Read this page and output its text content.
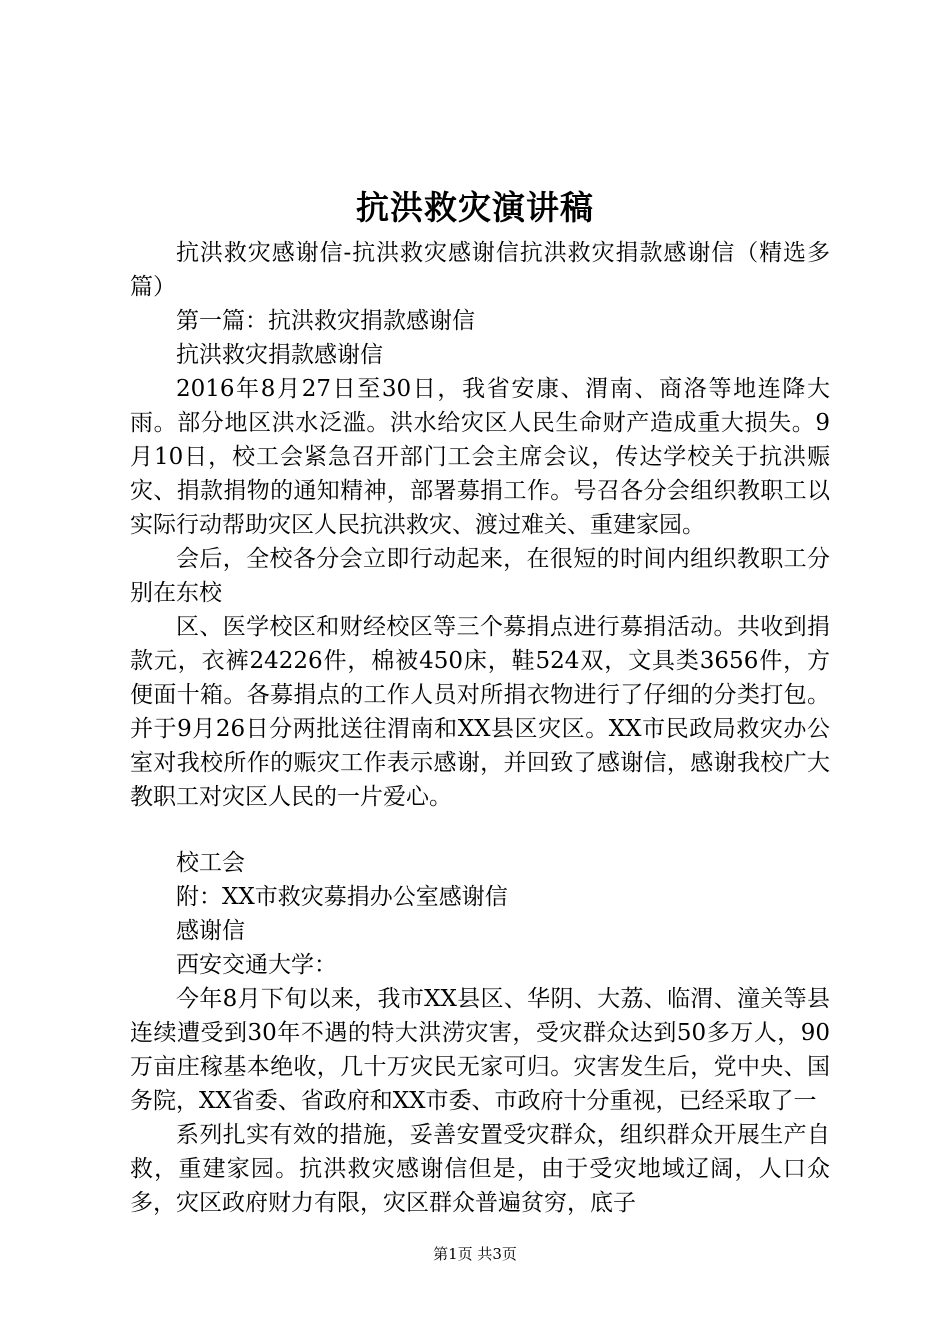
抗洪救灾演讲稿

抗洪救灾感谢信-抗洪救灾感谢信抗洪救灾捐款感谢信（精选多篇）

第一篇：抗洪救灾捐款感谢信

抗洪救灾捐款感谢信

2016年8月27日至30日，我省安康、渭南、商洛等地连降大雨。部分地区洪水泛滥。洪水给灾区人民生命财产造成重大损失。9月10日，校工会紧急召开部门工会主席会议，传达学校关于抗洪赈灾、捐款捐物的通知精神，部署募捐工作。号召各分会组织教职工以实际行动帮助灾区人民抗洪救灾、渡过难关、重建家园。

会后，全校各分会立即行动起来，在很短的时间内组织教职工分别在东校

区、医学校区和财经校区等三个募捐点进行募捐活动。共收到捐款元，衣裤24226件，棉被450床，鞋524双，文具类3656件，方便面十箱。各募捐点的工作人员对所捐衣物进行了仔细的分类打包。并于9月26日分两批送往渭南和XX县区灾区。XX市民政局救灾办公室对我校所作的赈灾工作表示感谢，并回致了感谢信，感谢我校广大教职工对灾区人民的一片爱心。

校工会

附：XX市救灾募捐办公室感谢信

感谢信

西安交通大学：

今年8月下旬以来，我市XX县区、华阴、大荔、临渭、潼关等县连续遭受到30年不遇的特大洪涝灾害，受灾群众达到50多万人，90万亩庄稼基本绝收，几十万灾民无家可归。灾害发生后，党中央、国务院，XX省委、省政府和XX市委、市政府十分重视，已经采取了一

系列扎实有效的措施，妥善安置受灾群众，组织群众开展生产自救，重建家园。抗洪救灾感谢信但是，由于受灾地域辽阔，人口众多，灾区政府财力有限，灾区群众普遍贫穷，底子

第1页 共3页
